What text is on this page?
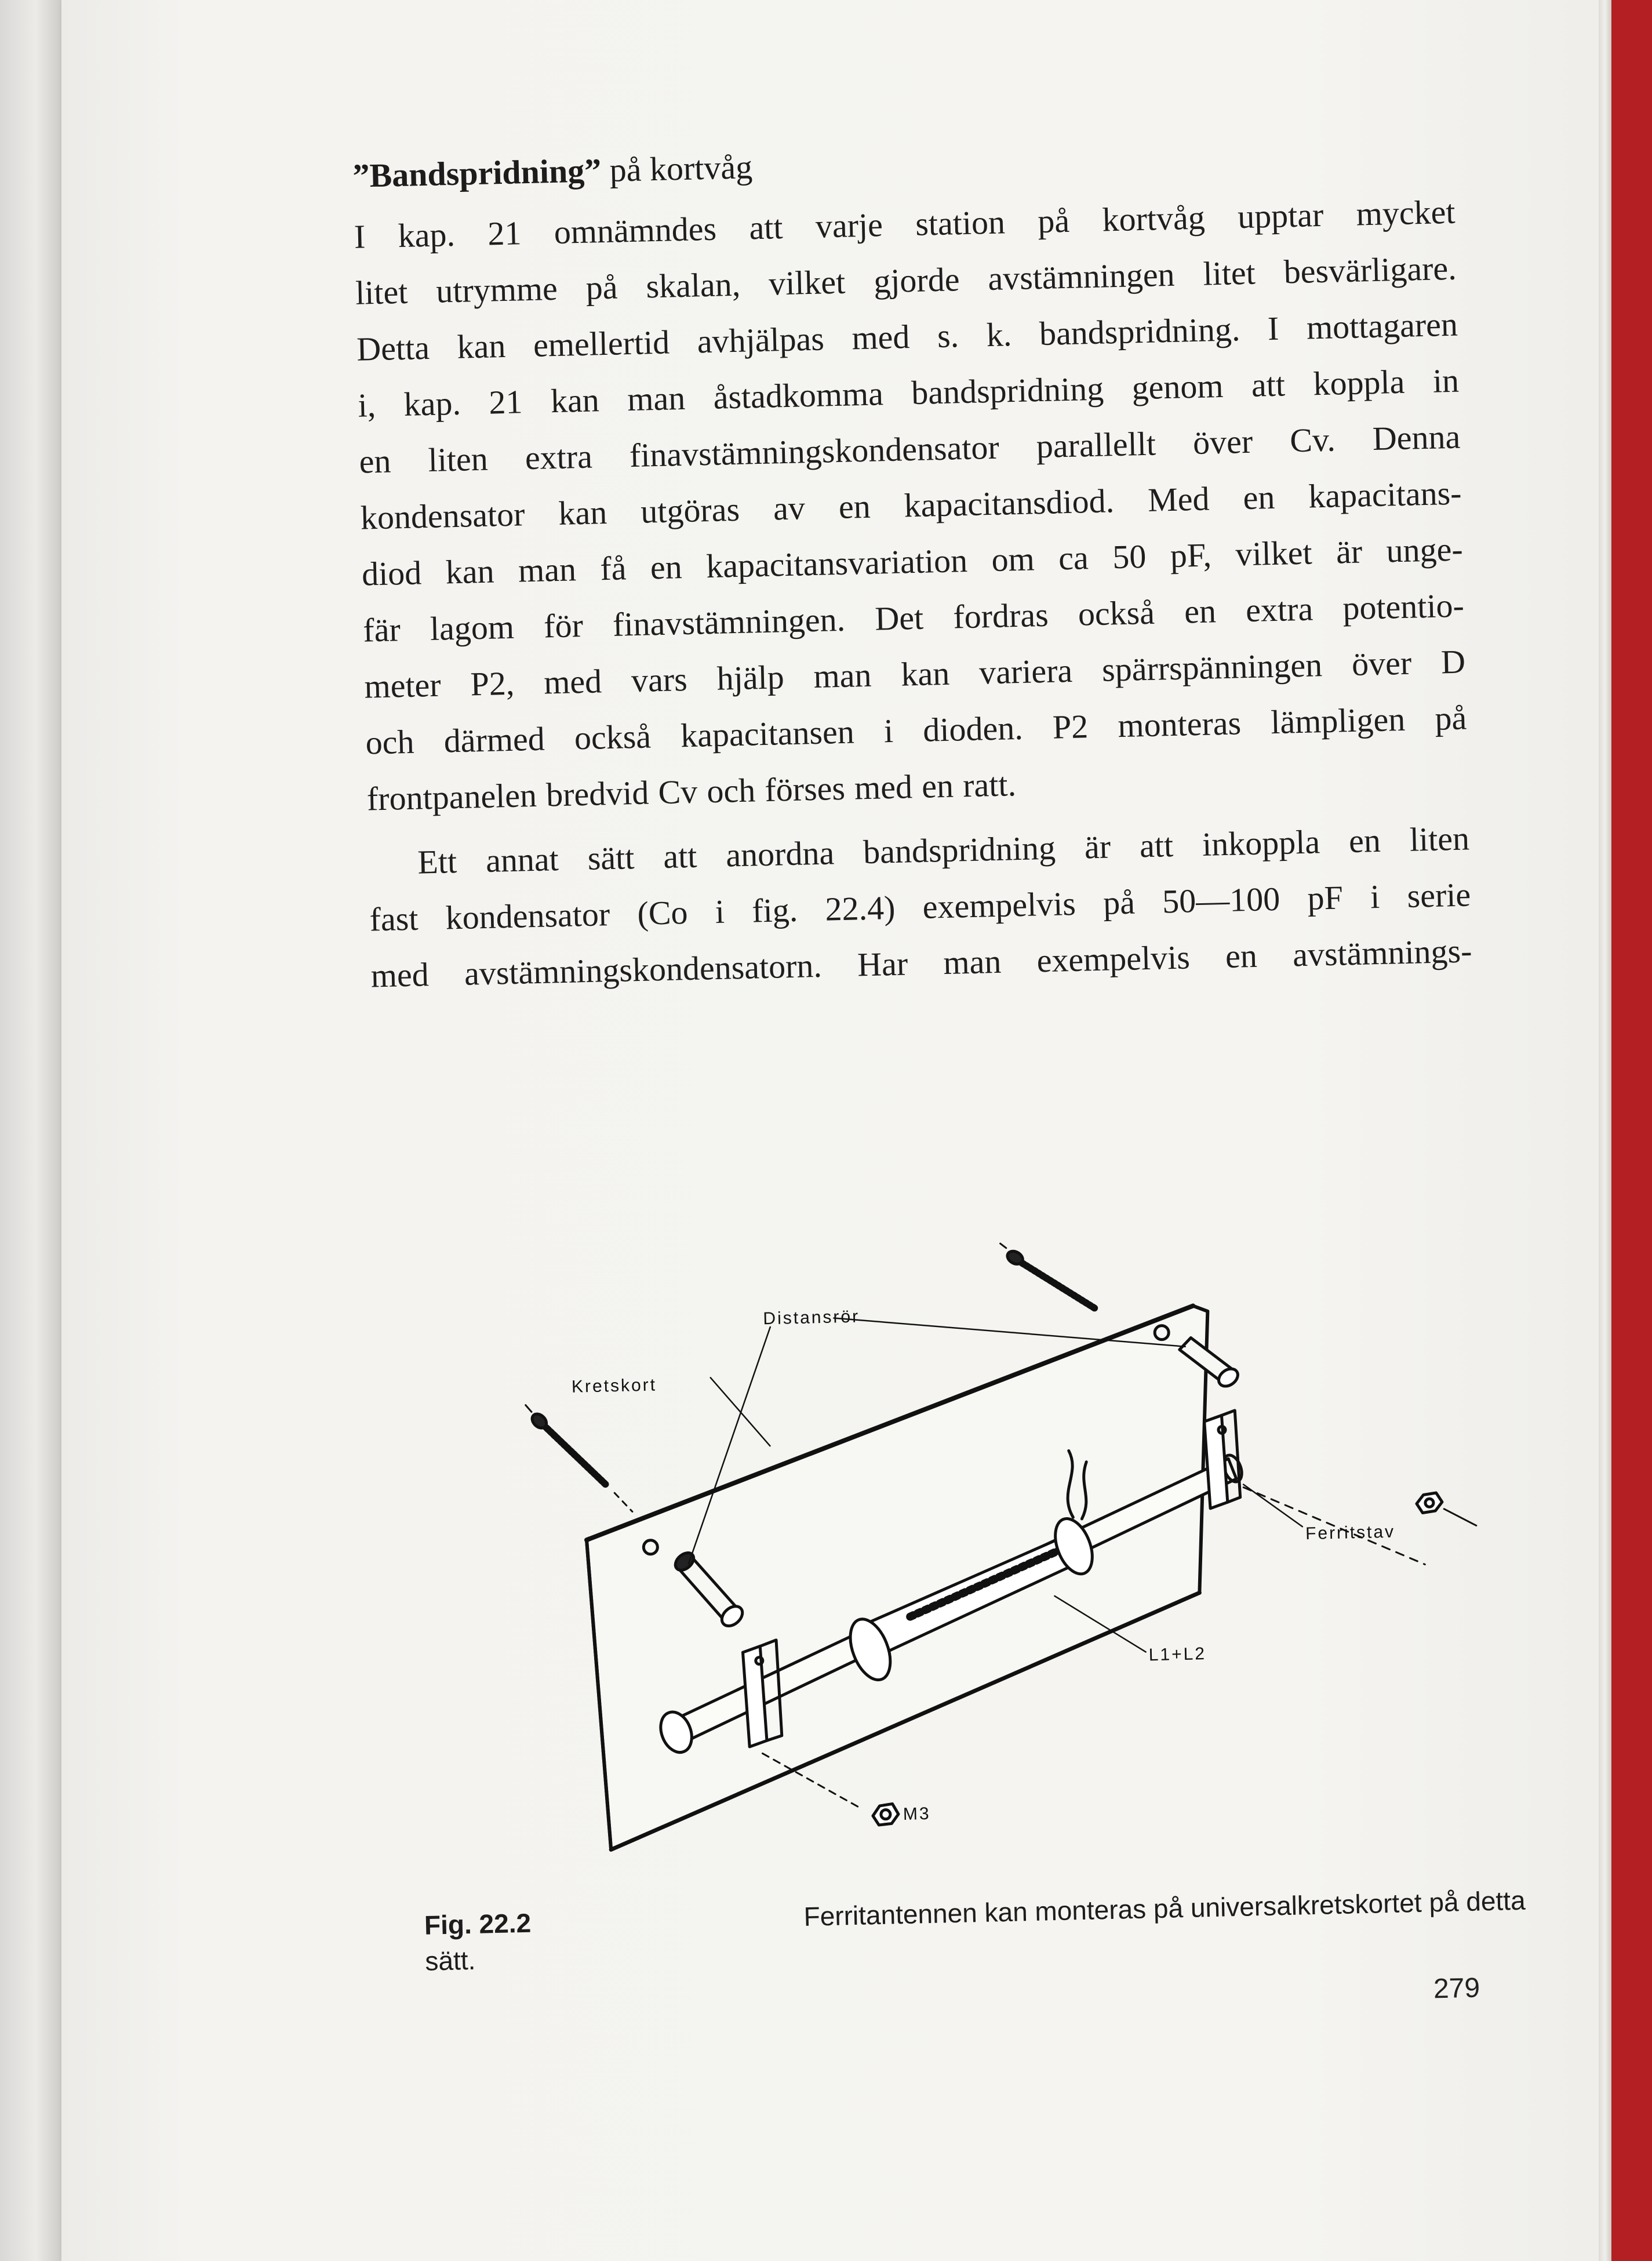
”Bandspridning” på kortvåg
I kap. 21 omnämndes att varje station på kortvåg upptar mycket
litet utrymme på skalan, vilket gjorde avstämningen litet besvärligare.
Detta kan emellertid avhjälpas med s. k. bandspridning. I mottagaren
i, kap. 21 kan man åstadkomma bandspridning genom att koppla in
en liten extra finavstämningskondensator parallellt över Cv. Denna
kondensator kan utgöras av en kapacitansdiod. Med en kapacitans-
diod kan man få en kapacitansvariation om ca 50 pF, vilket är unge-
fär lagom för finavstämningen. Det fordras också en extra potentio-
meter P2, med vars hjälp man kan variera spärrspänningen över D
och därmed också kapacitansen i dioden. P2 monteras lämpligen på
frontpanelen bredvid Cv och förses med en ratt.
Ett annat sätt att anordna bandspridning är att inkoppla en liten
fast kondensator (Co i fig. 22.4) exempelvis på 50—100 pF i serie
med avstämningskondensatorn. Har man exempelvis en avstämnings-
Distansrör
Kretskort
Ferritstav
L1+L2
M3
Fig. 22.2	Ferritantennen kan monteras på universalkretskortet på detta
sätt.
279
